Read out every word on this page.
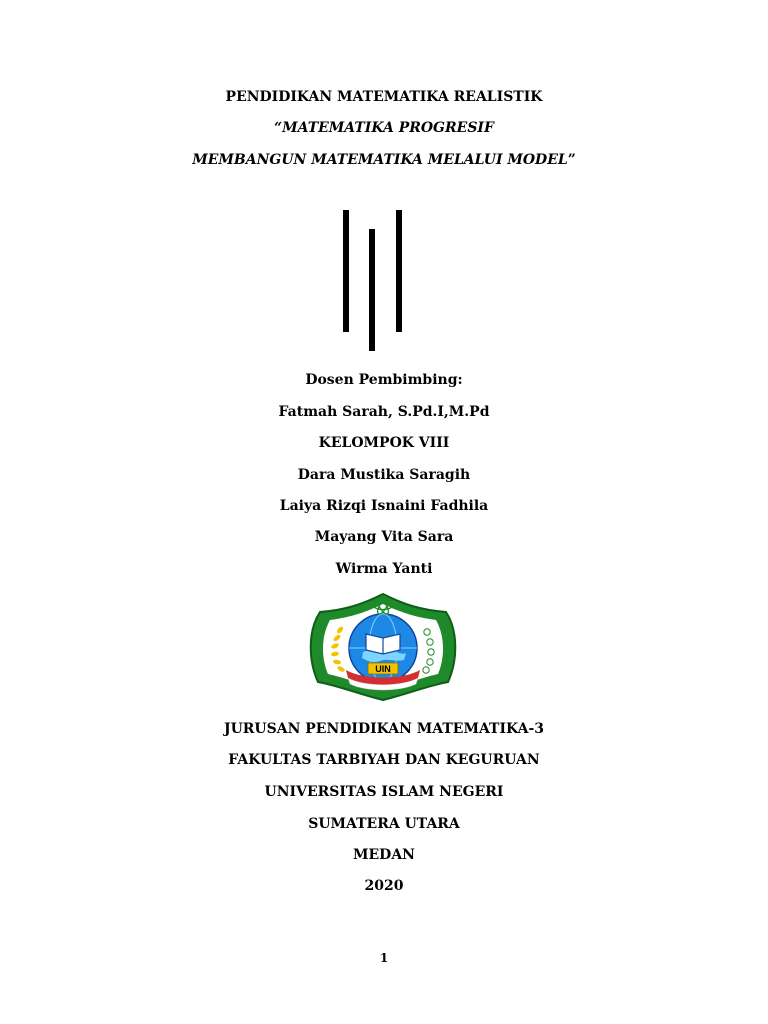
PENDIDIKAN MATEMATIKA REALISTIK
“MATEMATIKA PROGRESIF
MEMBANGUN MATEMATIKA MELALUI MODEL”
Dosen Pembimbing:
Fatmah Sarah, S.Pd.I,M.Pd
KELOMPOK VIII
Dara Mustika Saragih
Laiya Rizqi Isnaini Fadhila
Mayang Vita Sara
Wirma Yanti
UIN
JURUSAN PENDIDIKAN MATEMATIKA-3
FAKULTAS TARBIYAH DAN KEGURUAN
UNIVERSITAS ISLAM NEGERI
SUMATERA UTARA
MEDAN
2020
1
